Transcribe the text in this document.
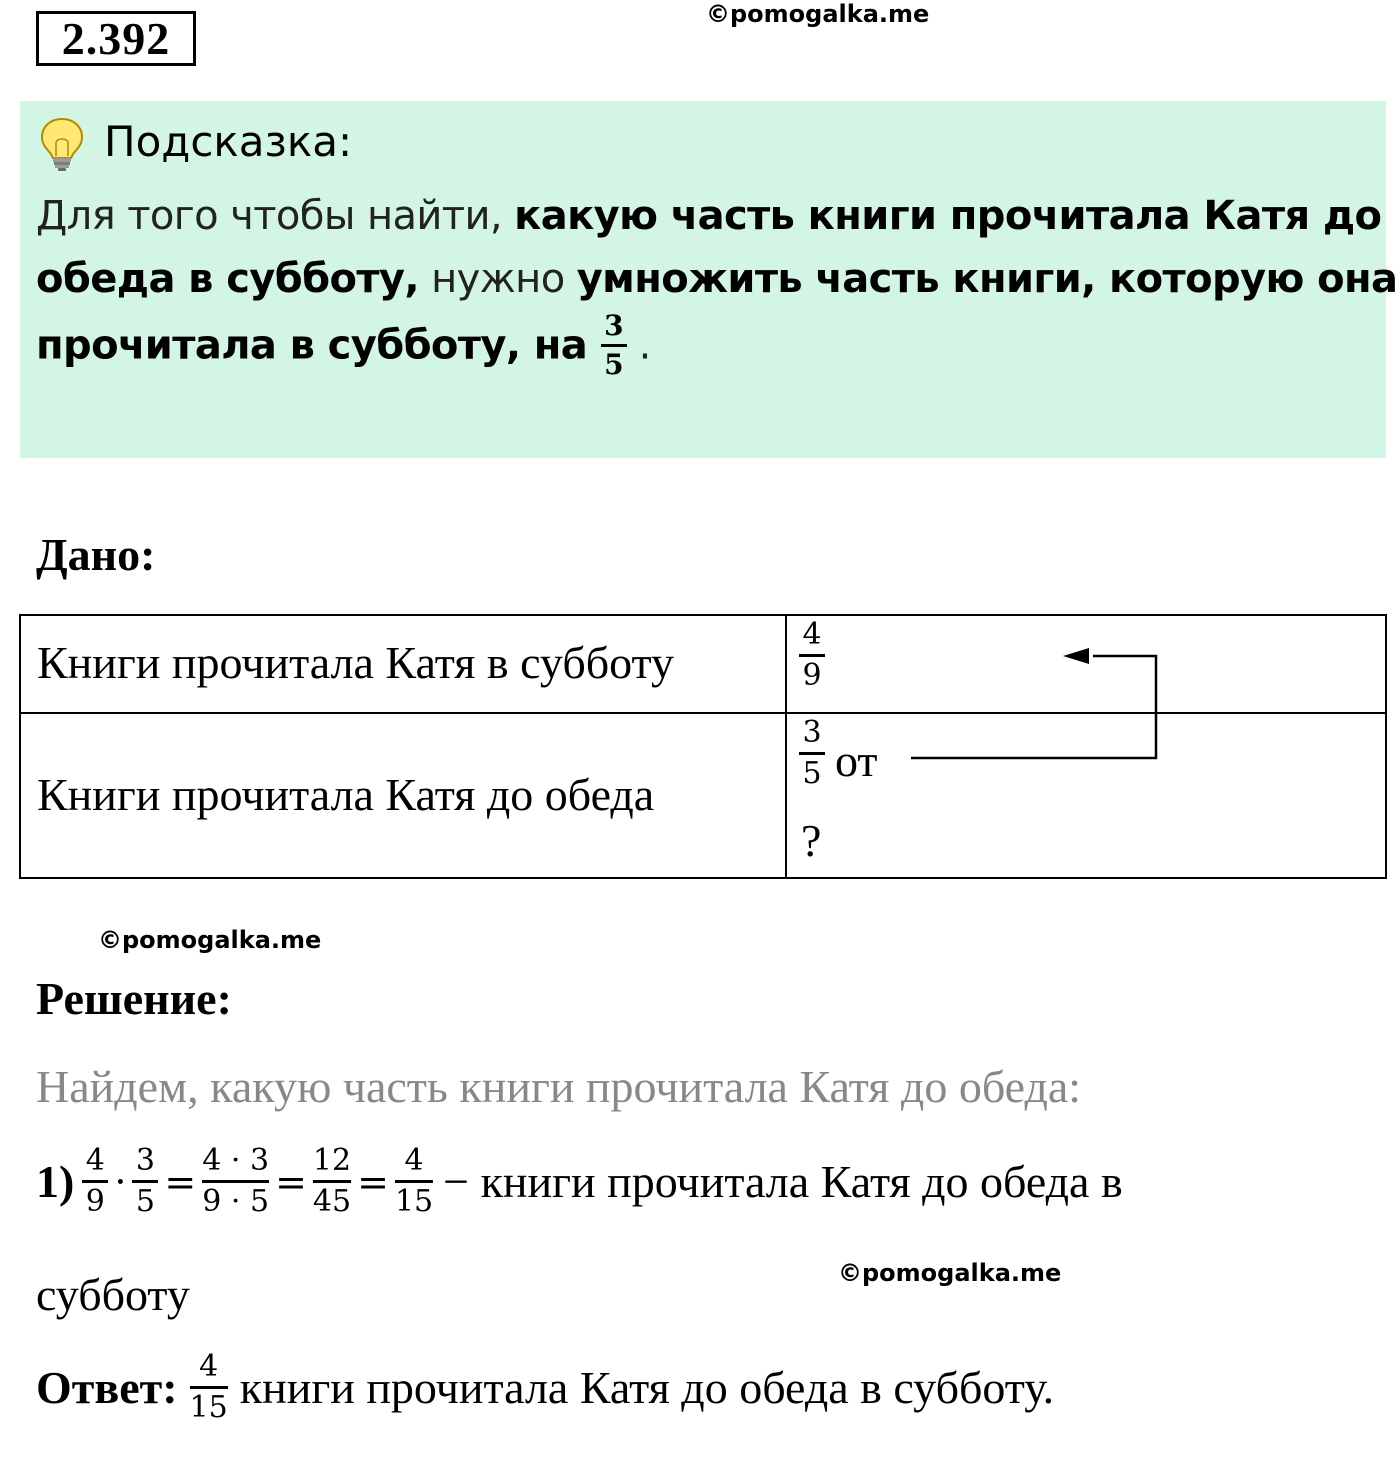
2.392	©pomogalka.me
©pomogalka.me
©pomogalka.me
Подсказка:
Для того чтобы найти, какую часть книги прочитала Катя до
обеда в субботу, нужно умножить часть книги, которую она
прочитала в субботу, на $\frac{3}{5}$ .
Дано:
Книги прочитала Катя в субботу
Книги прочитала Катя до обеда
4
9
3
5 от
?
Решение:
Найдем, какую часть книги прочитала Катя до обеда:
$1) \frac{4}{9} \cdot \frac{3}{5} = \frac{4 \cdot 3}{9 \cdot 5} = \frac{12}{45} = \frac{4}{15}$ − книги прочитала Катя до обеда в
субботу
Ответ: $\frac{4}{15}$ книги прочитала Катя до обеда в субботу.
